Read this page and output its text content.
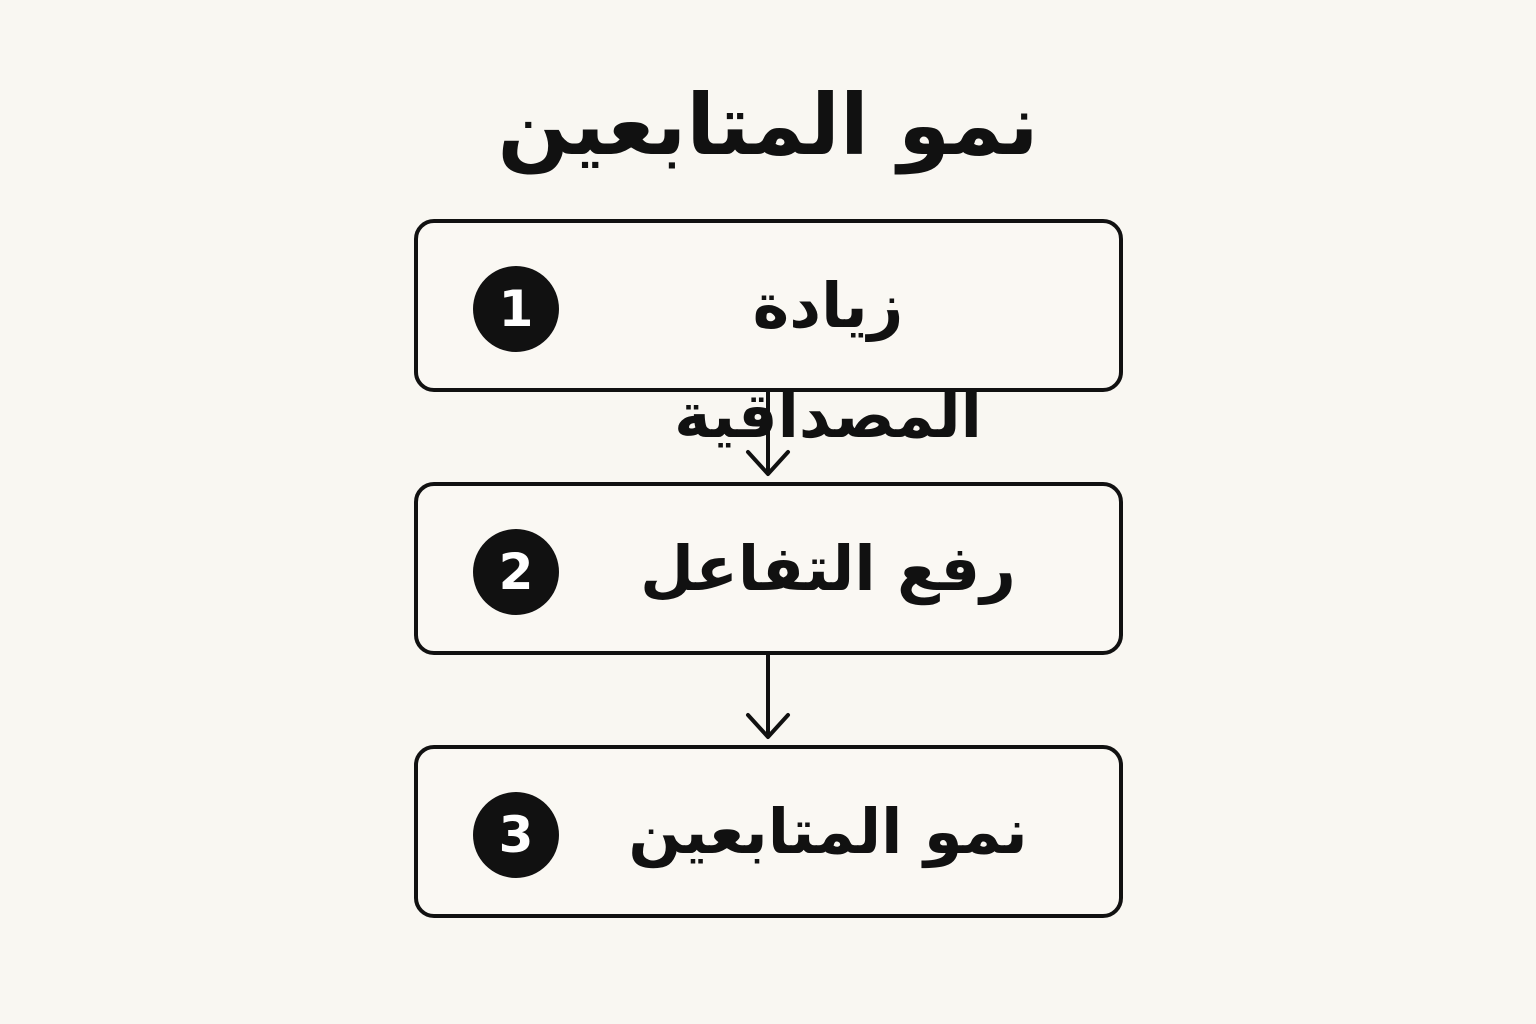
نمو المتابعين
1	زيادة المصداقية
2	رفع التفاعل
3	نمو المتابعين
